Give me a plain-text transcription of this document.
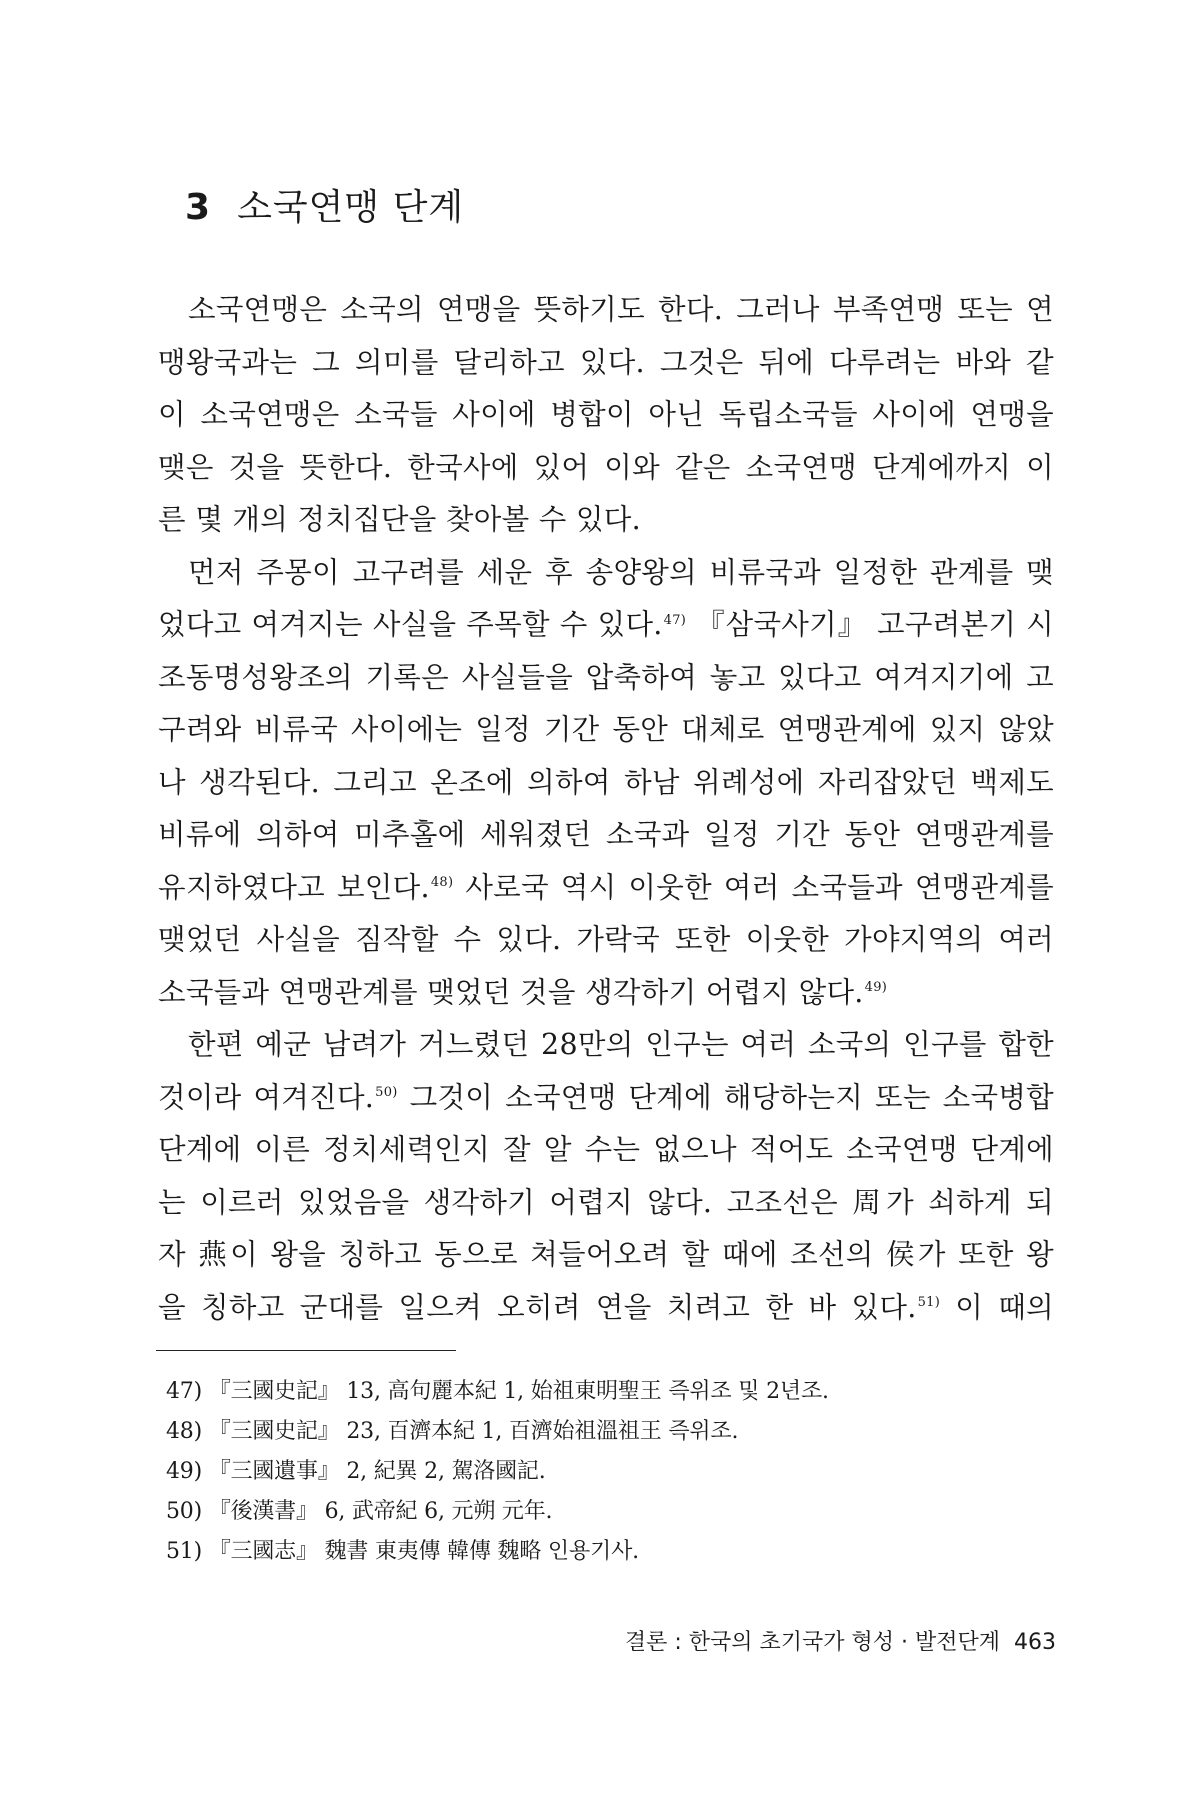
3 소국연맹 단계
소국연맹은 소국의 연맹을 뜻하기도 한다. 그러나 부족연맹 또는 연
맹왕국과는 그 의미를 달리하고 있다. 그것은 뒤에 다루려는 바와 같
이 소국연맹은 소국들 사이에 병합이 아닌 독립소국들 사이에 연맹을
맺은 것을 뜻한다. 한국사에 있어 이와 같은 소국연맹 단계에까지 이
른 몇 개의 정치집단을 찾아볼 수 있다.
먼저 주몽이 고구려를 세운 후 송양왕의 비류국과 일정한 관계를 맺
었다고 여겨지는 사실을 주목할 수 있다.$^{47)}$ 『삼국사기』 고구려본기 시
조동명성왕조의 기록은 사실들을 압축하여 놓고 있다고 여겨지기에 고
구려와 비류국 사이에는 일정 기간 동안 대체로 연맹관계에 있지 않았
나 생각된다. 그리고 온조에 의하여 하남 위례성에 자리잡았던 백제도
비류에 의하여 미추홀에 세워졌던 소국과 일정 기간 동안 연맹관계를
유지하였다고 보인다.$^{48)}$ 사로국 역시 이웃한 여러 소국들과 연맹관계를
맺었던 사실을 짐작할 수 있다. 가락국 또한 이웃한 가야지역의 여러
소국들과 연맹관계를 맺었던 것을 생각하기 어렵지 않다.$^{49)}$
한편 예군 남려가 거느렸던 28만의 인구는 여러 소국의 인구를 합한
것이라 여겨진다.$^{50)}$ 그것이 소국연맹 단계에 해당하는지 또는 소국병합
단계에 이른 정치세력인지 잘 알 수는 없으나 적어도 소국연맹 단계에
는 이르러 있었음을 생각하기 어렵지 않다. 고조선은 周가 쇠하게 되
자 燕이 왕을 칭하고 동으로 쳐들어오려 할 때에 조선의 侯가 또한 왕
을 칭하고 군대를 일으켜 오히려 연을 치려고 한 바 있다.$^{51)}$ 이 때의
47) 『三國史記』 13, 高句麗本紀 1, 始祖東明聖王 즉위조 및 2년조.
48) 『三國史記』 23, 百濟本紀 1, 百濟始祖溫祖王 즉위조.
49) 『三國遺事』 2, 紀異 2, 駕洛國記.
50) 『後漢書』 6, 武帝紀 6, 元朔 元年.
51) 『三國志』 魏書 東夷傳 韓傳 魏略 인용기사.
결론 : 한국의 초기국가 형성 · 발전단계 463
